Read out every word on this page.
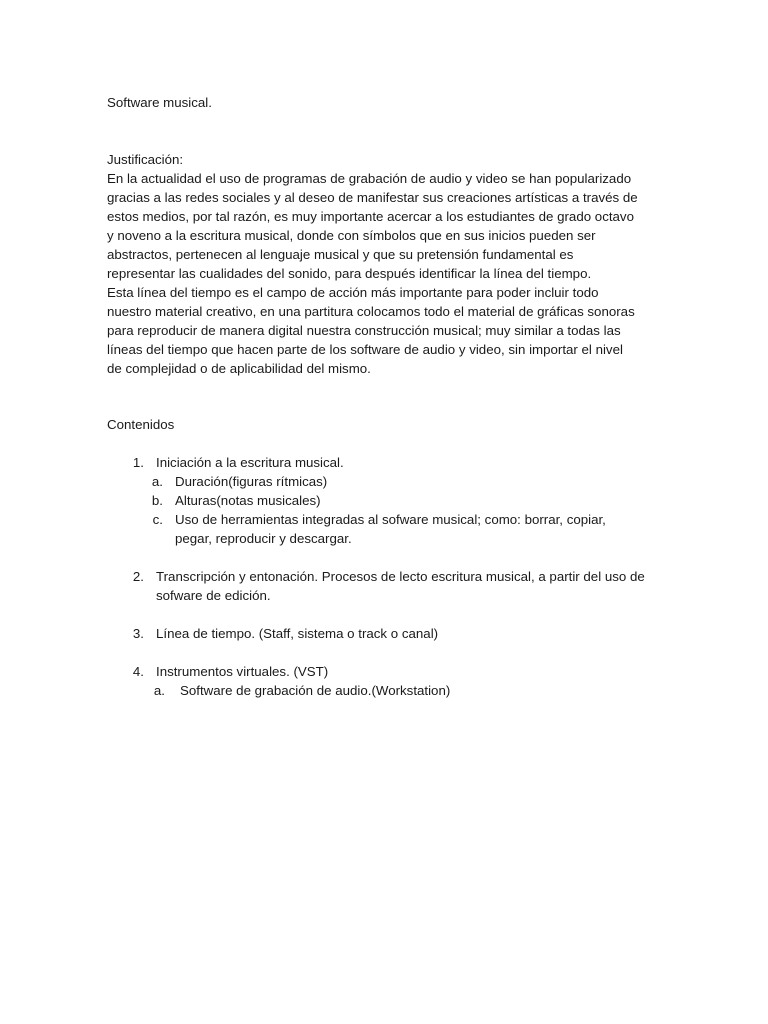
Software musical.
Justificación:
En la actualidad el uso de programas de grabación de audio y video se han popularizado
gracias a las redes sociales y al deseo de manifestar sus creaciones artísticas a través de
estos medios, por tal razón, es muy importante acercar a los estudiantes de grado octavo
y noveno a la escritura musical, donde con símbolos que en sus inicios pueden ser
abstractos, pertenecen al lenguaje musical y que su pretensión fundamental es
representar las cualidades del sonido, para después identificar la línea del tiempo.
Esta línea del tiempo es el campo de acción más importante para poder incluir todo
nuestro material creativo, en una partitura colocamos todo el material de gráficas sonoras
para reproducir de manera digital nuestra construcción musical; muy similar a todas las
líneas del tiempo que hacen parte de los software de audio y video, sin importar el nivel
de complejidad o de aplicabilidad del mismo.
Contenidos
1. Iniciación a la escritura musical.
a. Duración(figuras rítmicas)
b. Alturas(notas musicales)
c. Uso de herramientas integradas al sofware musical; como: borrar, copiar,
pegar, reproducir y descargar.
2. Transcripción y entonación. Procesos de lecto escritura musical, a partir del uso de
sofware de edición.
3. Línea de tiempo. (Staff, sistema o track o canal)
4. Instrumentos virtuales. (VST)
a. Software de grabación de audio.(Workstation)
